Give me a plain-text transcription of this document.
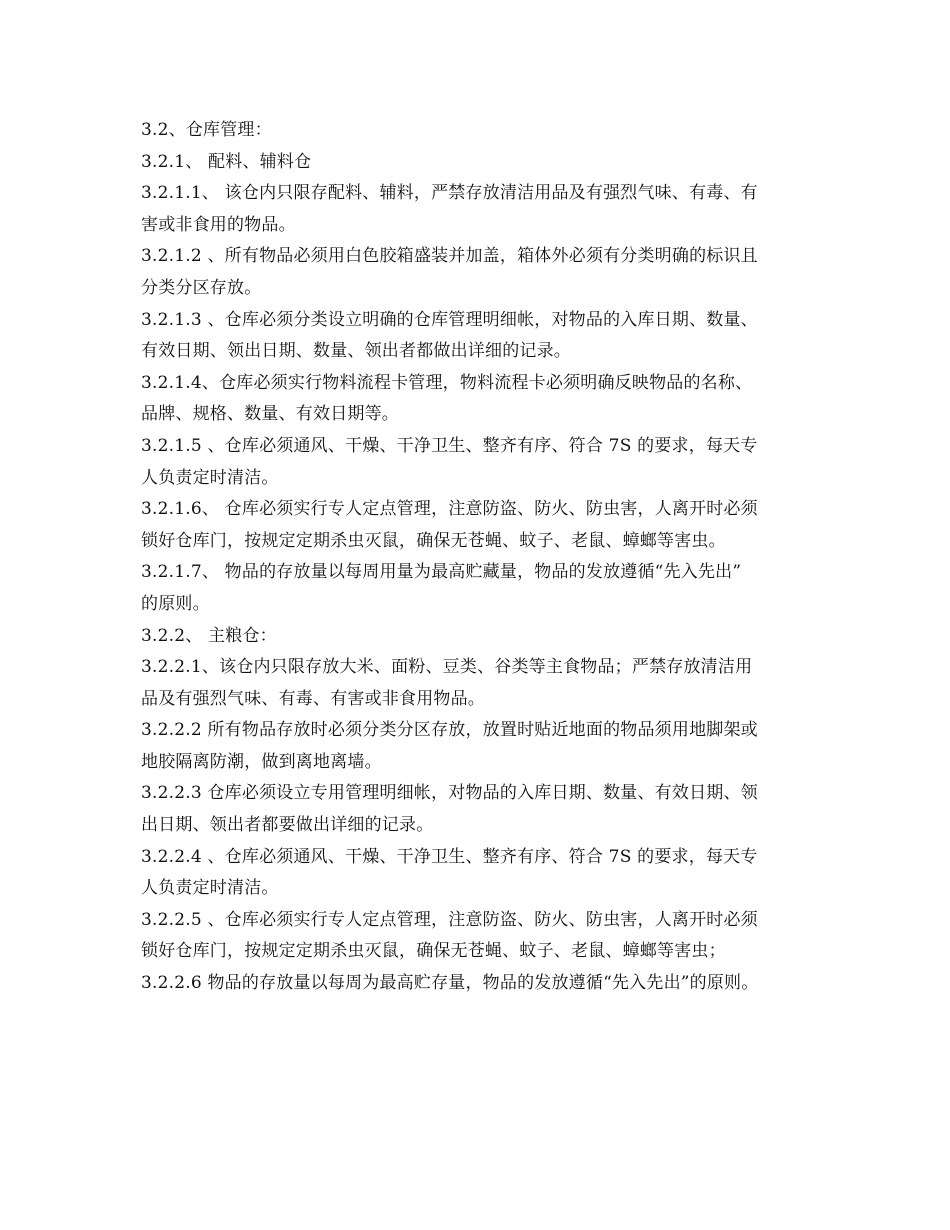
3.2、仓库管理：
3.2.1、 配料、辅料仓
3.2.1.1、 该仓内只限存配料、辅料，严禁存放清洁用品及有强烈气味、有毒、有
害或非食用的物品。
3.2.1.2 、所有物品必须用白色胶箱盛装并加盖，箱体外必须有分类明确的标识且
分类分区存放。
3.2.1.3 、仓库必须分类设立明确的仓库管理明细帐，对物品的入库日期、数量、
有效日期、领出日期、数量、领出者都做出详细的记录。
3.2.1.4、仓库必须实行物料流程卡管理，物料流程卡必须明确反映物品的名称、
品牌、规格、数量、有效日期等。
3.2.1.5 、仓库必须通风、干燥、干净卫生、整齐有序、符合 7S 的要求，每天专
人负责定时清洁。
3.2.1.6、 仓库必须实行专人定点管理，注意防盗、防火、防虫害，人离开时必须
锁好仓库门，按规定定期杀虫灭鼠，确保无苍蝇、蚊子、老鼠、蟑螂等害虫。
3.2.1.7、 物品的存放量以每周用量为最高贮藏量，物品的发放遵循“先入先出”
的原则。
3.2.2、 主粮仓：
3.2.2.1、该仓内只限存放大米、面粉、豆类、谷类等主食物品；严禁存放清洁用
品及有强烈气味、有毒、有害或非食用物品。
3.2.2.2 所有物品存放时必须分类分区存放，放置时贴近地面的物品须用地脚架或
地胶隔离防潮，做到离地离墙。
3.2.2.3 仓库必须设立专用管理明细帐，对物品的入库日期、数量、有效日期、领
出日期、领出者都要做出详细的记录。
3.2.2.4 、仓库必须通风、干燥、干净卫生、整齐有序、符合 7S 的要求，每天专
人负责定时清洁。
3.2.2.5 、仓库必须实行专人定点管理，注意防盗、防火、防虫害，人离开时必须
锁好仓库门，按规定定期杀虫灭鼠，确保无苍蝇、蚊子、老鼠、蟑螂等害虫；
3.2.2.6 物品的存放量以每周为最高贮存量，物品的发放遵循“先入先出”的原则。
